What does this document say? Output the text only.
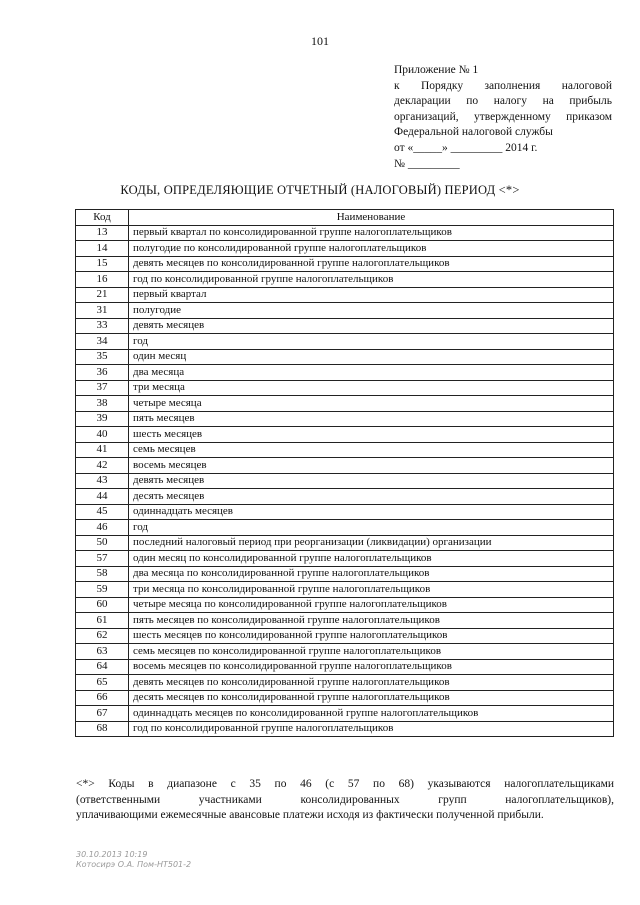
101
Приложение № 1
к Порядку заполнения налоговой
декларации по налогу на прибыль
организаций, утвержденному приказом
Федеральной налоговой службы
от «_____» _________ 2014 г.
№ _________
КОДЫ, ОПРЕДЕЛЯЮЩИЕ ОТЧЕТНЫЙ (НАЛОГОВЫЙ) ПЕРИОД <*>
Код	Наименование
13	первый квартал по консолидированной группе налогоплательщиков
14	полугодие по консолидированной группе налогоплательщиков
15	девять месяцев по консолидированной группе налогоплательщиков
16	год по консолидированной группе налогоплательщиков
21	первый квартал
31	полугодие
33	девять месяцев
34	год
35	один месяц
36	два месяца
37	три месяца
38	четыре месяца
39	пять месяцев
40	шесть месяцев
41	семь месяцев
42	восемь месяцев
43	девять месяцев
44	десять месяцев
45	одиннадцать месяцев
46	год
50	последний налоговый период при реорганизации (ликвидации) организации
57	один месяц по консолидированной группе налогоплательщиков
58	два месяца по консолидированной группе налогоплательщиков
59	три месяца по консолидированной группе налогоплательщиков
60	четыре месяца по консолидированной группе налогоплательщиков
61	пять месяцев по консолидированной группе налогоплательщиков
62	шесть месяцев по консолидированной группе налогоплательщиков
63	семь месяцев по консолидированной группе налогоплательщиков
64	восемь месяцев по консолидированной группе налогоплательщиков
65	девять месяцев по консолидированной группе налогоплательщиков
66	десять месяцев по консолидированной группе налогоплательщиков
67	одиннадцать месяцев по консолидированной группе налогоплательщиков
68	год по консолидированной группе налогоплательщиков
<*> Коды в диапазоне с 35 по 46 (с 57 по 68) указываются налогоплательщиками
(ответственными участниками консолидированных групп налогоплательщиков),
уплачивающими ежемесячные авансовые платежи исходя из фактически полученной прибыли.
30.10.2013 10:19
Котосирэ О.А. Пом-НТ501-2
